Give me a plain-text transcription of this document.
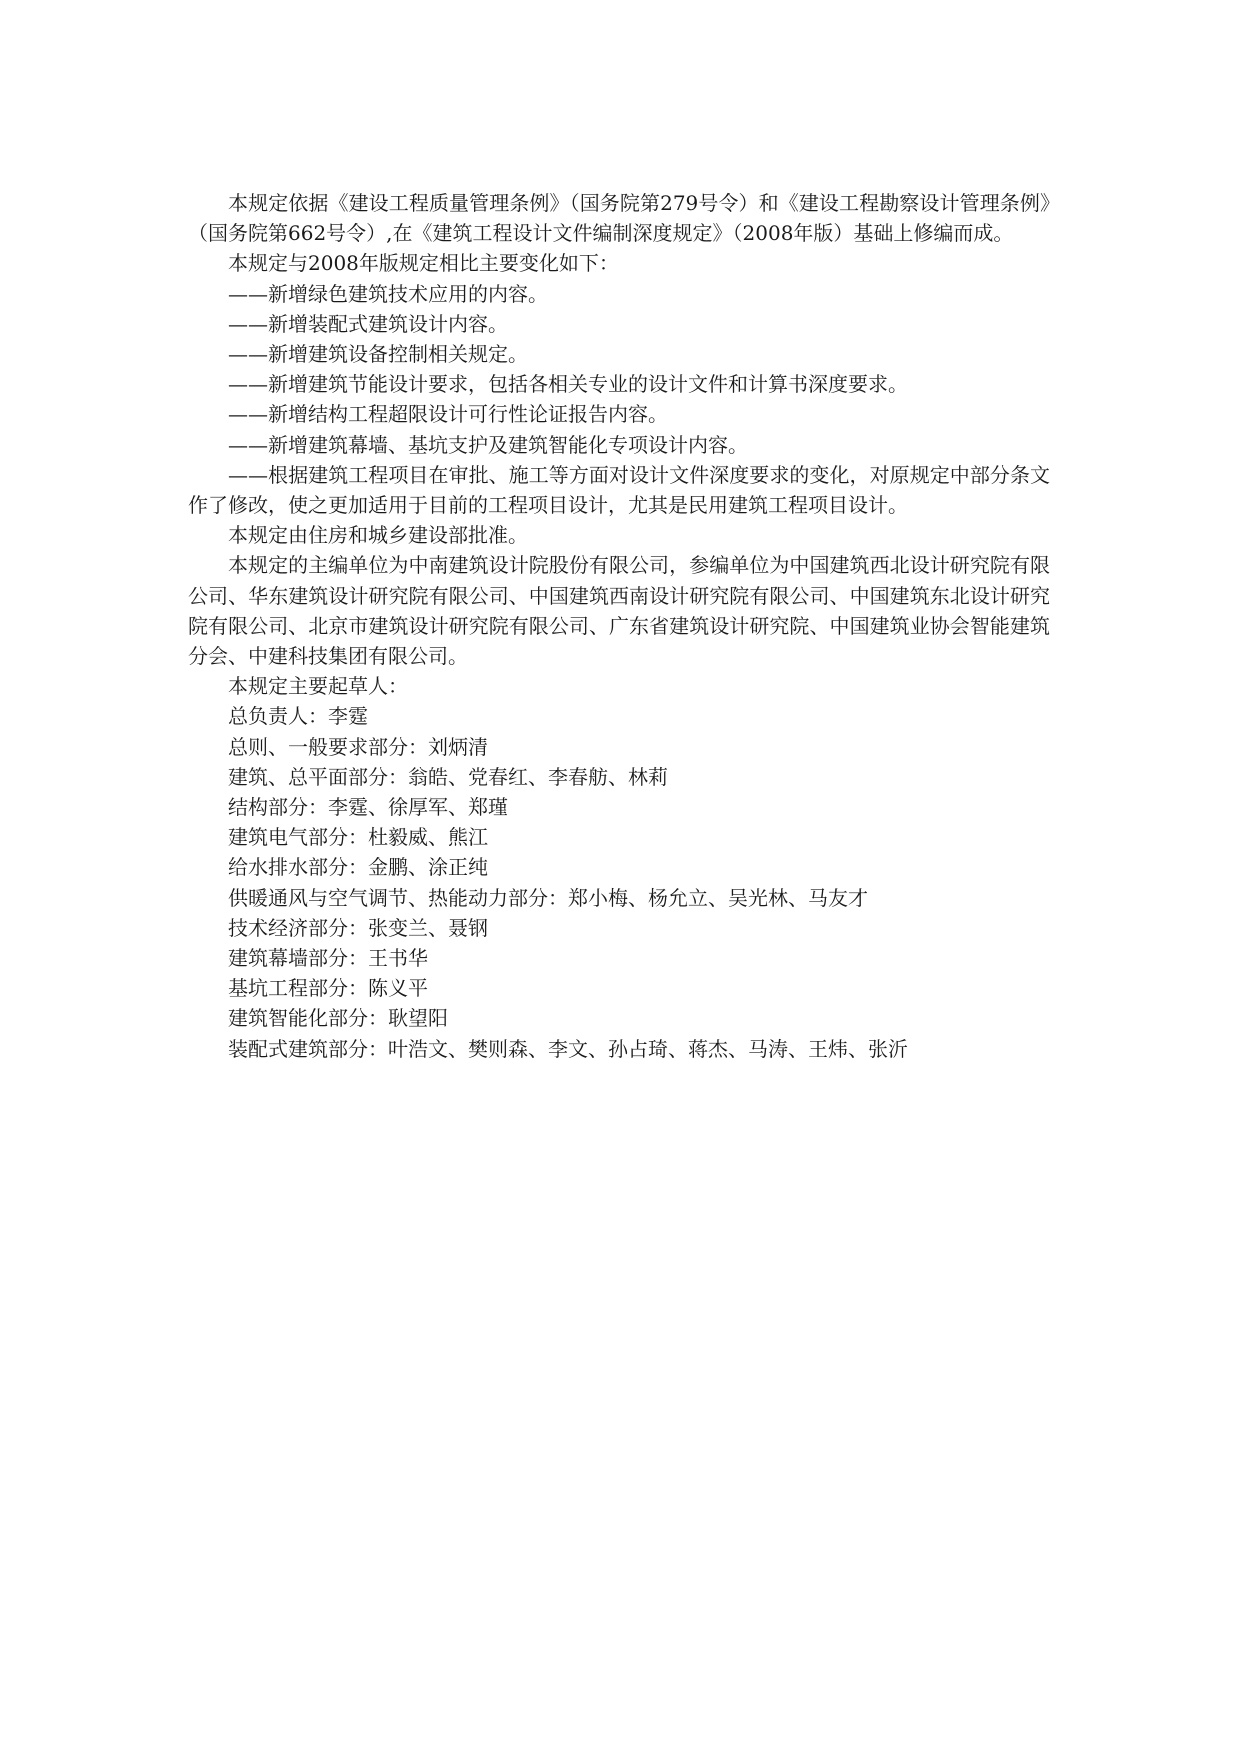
本规定依据《建设工程质量管理条例》（国务院第279号令）和《建设工程勘察设计管理条例》（国务院第662号令）,在《建筑工程设计文件编制深度规定》（2008年版）基础上修编而成。

本规定与2008年版规定相比主要变化如下：

——新增绿色建筑技术应用的内容。

——新增装配式建筑设计内容。

——新增建筑设备控制相关规定。

——新增建筑节能设计要求，包括各相关专业的设计文件和计算书深度要求。

——新增结构工程超限设计可行性论证报告内容。

——新增建筑幕墙、基坑支护及建筑智能化专项设计内容。

——根据建筑工程项目在审批、施工等方面对设计文件深度要求的变化，对原规定中部分条文作了修改，使之更加适用于目前的工程项目设计，尤其是民用建筑工程项目设计。

本规定由住房和城乡建设部批准。

本规定的主编单位为中南建筑设计院股份有限公司，参编单位为中国建筑西北设计研究院有限公司、华东建筑设计研究院有限公司、中国建筑西南设计研究院有限公司、中国建筑东北设计研究院有限公司、北京市建筑设计研究院有限公司、广东省建筑设计研究院、中国建筑业协会智能建筑分会、中建科技集团有限公司。

本规定主要起草人：

总负责人：李霆

总则、一般要求部分：刘炳清

建筑、总平面部分：翁皓、党春红、李春舫、林莉

结构部分：李霆、徐厚军、郑瑾

建筑电气部分：杜毅威、熊江

给水排水部分：金鹏、涂正纯

供暖通风与空气调节、热能动力部分：郑小梅、杨允立、吴光林、马友才

技术经济部分：张变兰、聂钢

建筑幕墙部分：王书华

基坑工程部分：陈义平

建筑智能化部分：耿望阳

装配式建筑部分：叶浩文、樊则森、李文、孙占琦、蒋杰、马涛、王炜、张沂
